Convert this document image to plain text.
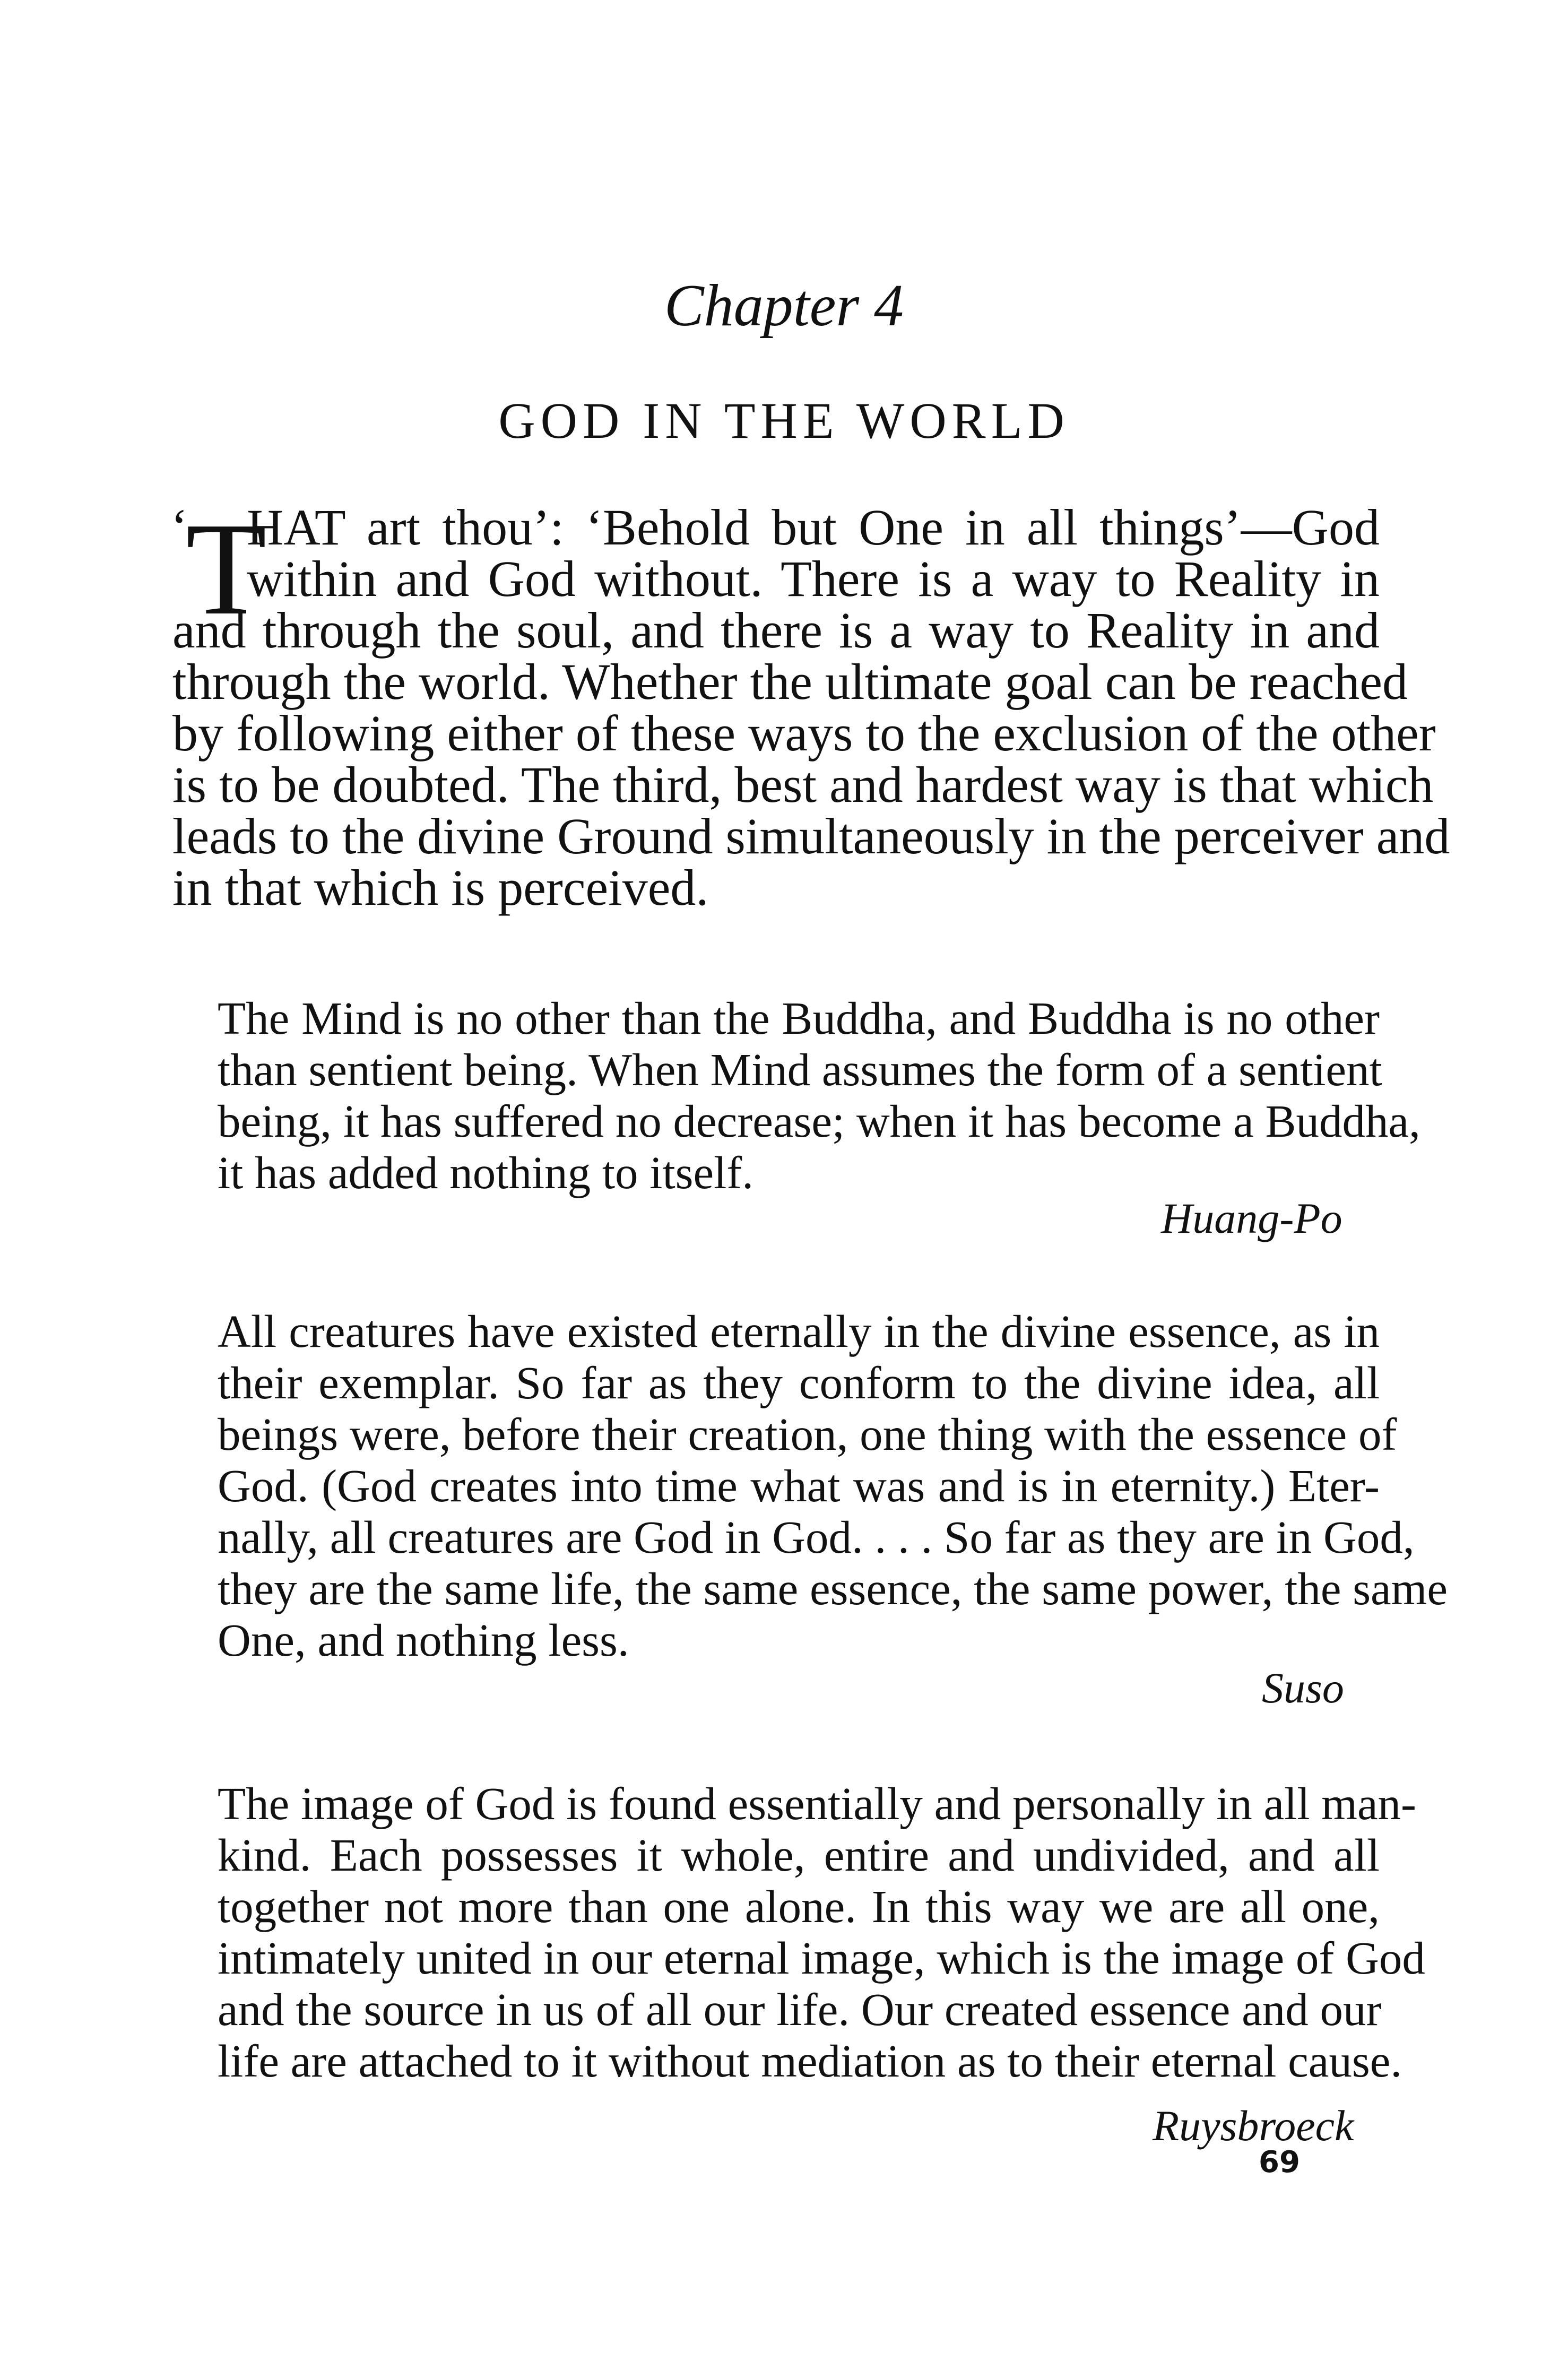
Chapter 4
GOD IN THE WORLD
‘
T
HAT art thou’: ‘Behold but One in all things’—God
within and God without. There is a way to Reality in
and through the soul, and there is a way to Reality in and
through the world. Whether the ultimate goal can be reached
by following either of these ways to the exclusion of the other
is to be doubted. The third, best and hardest way is that which
leads to the divine Ground simultaneously in the perceiver and
in that which is perceived.
The Mind is no other than the Buddha, and Buddha is no other
than sentient being. When Mind assumes the form of a sentient
being, it has suffered no decrease; when it has become a Buddha,
it has added nothing to itself.
Huang-Po
All creatures have existed eternally in the divine essence, as in
their exemplar. So far as they conform to the divine idea, all
beings were, before their creation, one thing with the essence of
God. (God creates into time what was and is in eternity.) Eter-
nally, all creatures are God in God. . . . So far as they are in God,
they are the same life, the same essence, the same power, the same
One, and nothing less.
Suso
The image of God is found essentially and personally in all man-
kind. Each possesses it whole, entire and undivided, and all
together not more than one alone. In this way we are all one,
intimately united in our eternal image, which is the image of God
and the source in us of all our life. Our created essence and our
life are attached to it without mediation as to their eternal cause.
Ruysbroeck
69
